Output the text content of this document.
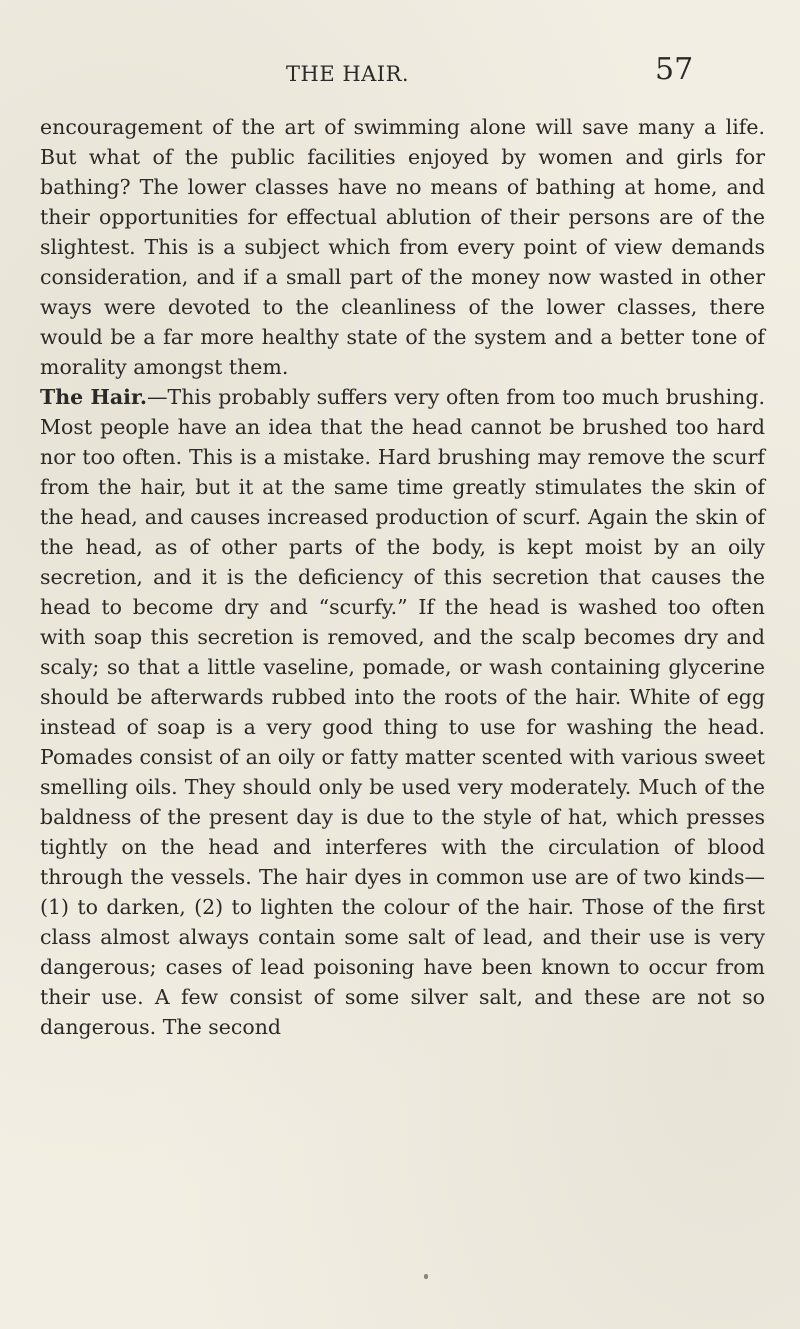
THE HAIR.	57

encouragement of the art of swimming alone will save many a life. But what of the public facilities enjoyed by women and girls for bathing? The lower classes have no means of bathing at home, and their opportunities for effectual ablution of their persons are of the slightest. This is a subject which from every point of view demands consideration, and if a small part of the money now wasted in other ways were devoted to the cleanliness of the lower classes, there would be a far more healthy state of the system and a better tone of morality amongst them.

The Hair.—This probably suffers very often from too much brushing. Most people have an idea that the head cannot be brushed too hard nor too often. This is a mistake. Hard brushing may remove the scurf from the hair, but it at the same time greatly stimulates the skin of the head, and causes increased production of scurf. Again the skin of the head, as of other parts of the body, is kept moist by an oily secretion, and it is the deficiency of this secretion that causes the head to become dry and “scurfy.” If the head is washed too often with soap this secretion is removed, and the scalp becomes dry and scaly; so that a little vaseline, pomade, or wash containing glycerine should be afterwards rubbed into the roots of the hair. White of egg instead of soap is a very good thing to use for washing the head. Pomades consist of an oily or fatty matter scented with various sweet smelling oils. They should only be used very moderately. Much of the baldness of the present day is due to the style of hat, which presses tightly on the head and interferes with the circulation of blood through the vessels. The hair dyes in common use are of two kinds—(1) to darken, (2) to lighten the colour of the hair. Those of the first class almost always contain some salt of lead, and their use is very dangerous; cases of lead poisoning have been known to occur from their use. A few consist of some silver salt, and these are not so dangerous. The second
